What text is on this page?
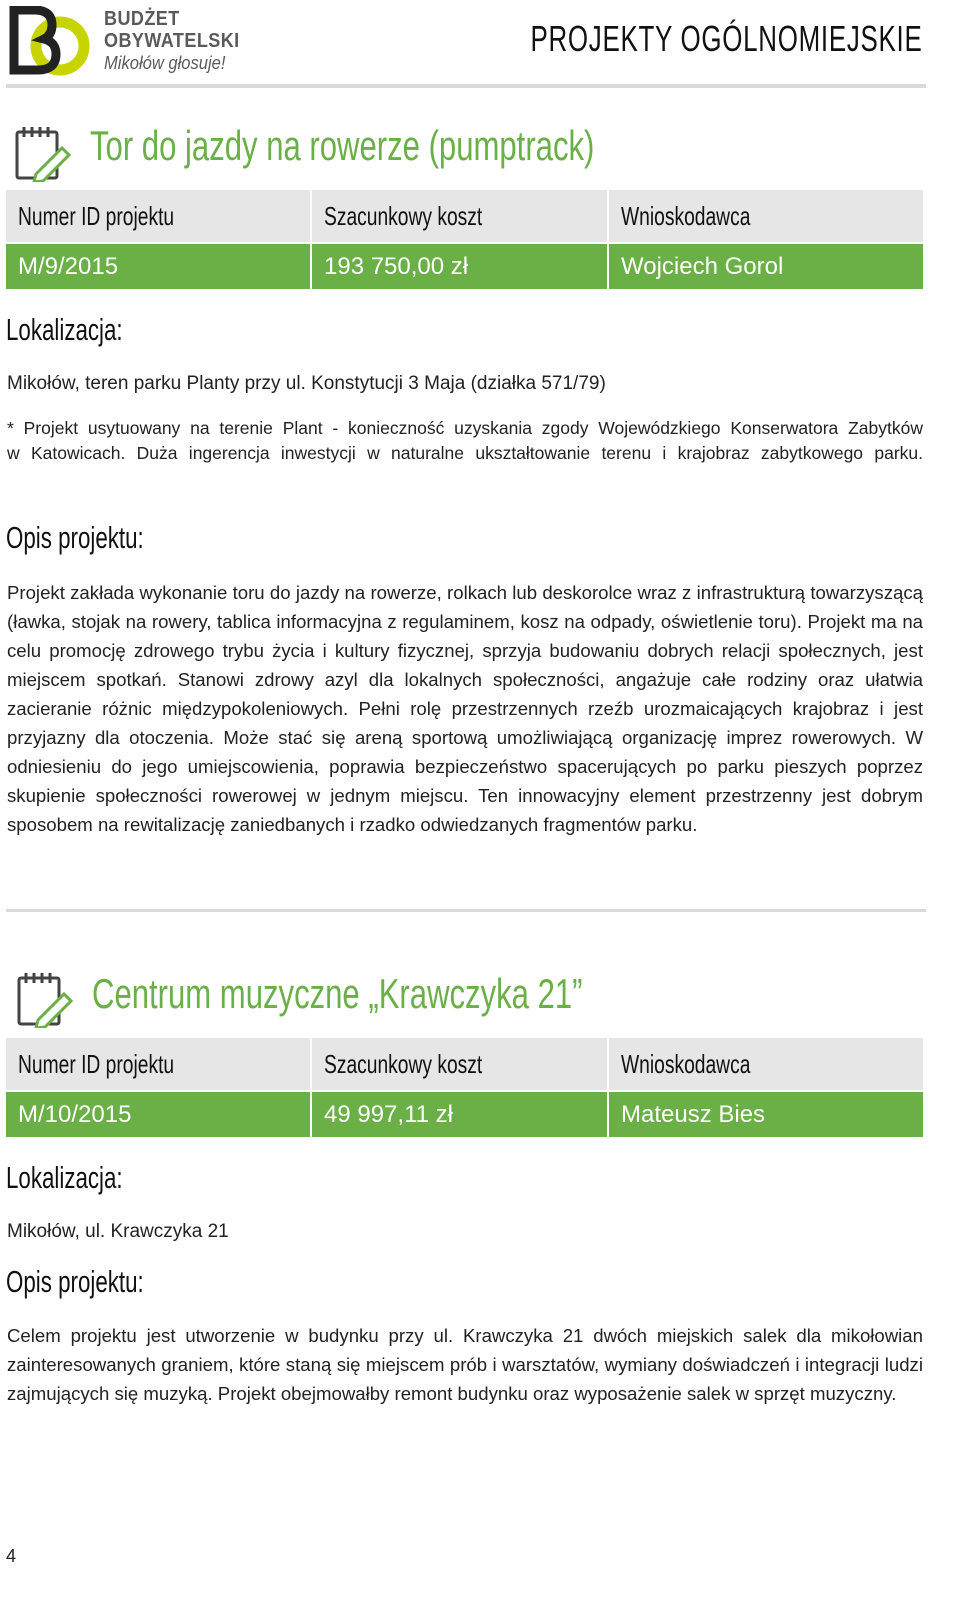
BUDŻET
OBYWATELSKI
Mikołów głosuje!
PROJEKTY OGÓLNOMIEJSKIE
Tor do jazdy na rowerze (pumptrack)
Numer ID projektu	Szacunkowy koszt	Wnioskodawca
M/9/2015	193 750,00 zł	Wojciech Gorol
Lokalizacja:
Mikołów, teren parku Planty przy ul. Konstytucji 3 Maja (działka 571/79)
* Projekt usytuowany na terenie Plant - konieczność uzyskania zgody Wojewódzkiego Konserwatora Zabytków
w Katowicach. Duża ingerencja inwestycji w naturalne ukształtowanie terenu i krajobraz zabytkowego parku.
Opis projektu:
Projekt zakłada wykonanie toru do jazdy na rowerze, rolkach lub deskorolce wraz z infrastrukturą towarzyszącą (ławka, stojak na rowery, tablica informacyjna z regulaminem, kosz na odpady, oświetlenie toru). Projekt ma na celu promocję zdrowego trybu życia i kultury fizycznej, sprzyja budowaniu dobrych relacji społecznych, jest miejscem spotkań. Stanowi zdrowy azyl dla lokalnych społeczności, angażuje całe rodziny oraz ułatwia zacieranie różnic międzypokoleniowych. Pełni rolę przestrzennych rzeźb urozmaicających krajobraz i jest przyjazny dla otoczenia. Może stać się areną sportową umożliwiającą organizację imprez rowerowych. W odniesieniu do jego umiejscowienia, poprawia bezpieczeństwo spacerujących po parku pieszych poprzez skupienie społeczności rowerowej w jednym miejscu. Ten innowacyjny element przestrzenny jest dobrym sposobem na rewitalizację zaniedbanych i rzadko odwiedzanych fragmentów parku.
Centrum muzyczne „Krawczyka 21”
Numer ID projektu	Szacunkowy koszt	Wnioskodawca
M/10/2015	49 997,11 zł	Mateusz Bies
Lokalizacja:
Mikołów, ul. Krawczyka 21
Opis projektu:
Celem projektu jest utworzenie w budynku przy ul. Krawczyka 21 dwóch miejskich salek dla mikołowian zainteresowanych graniem, które staną się miejscem prób i warsztatów, wymiany doświadczeń i integracji ludzi zajmujących się muzyką. Projekt obejmowałby remont budynku oraz wyposażenie salek w sprzęt muzyczny.
4
